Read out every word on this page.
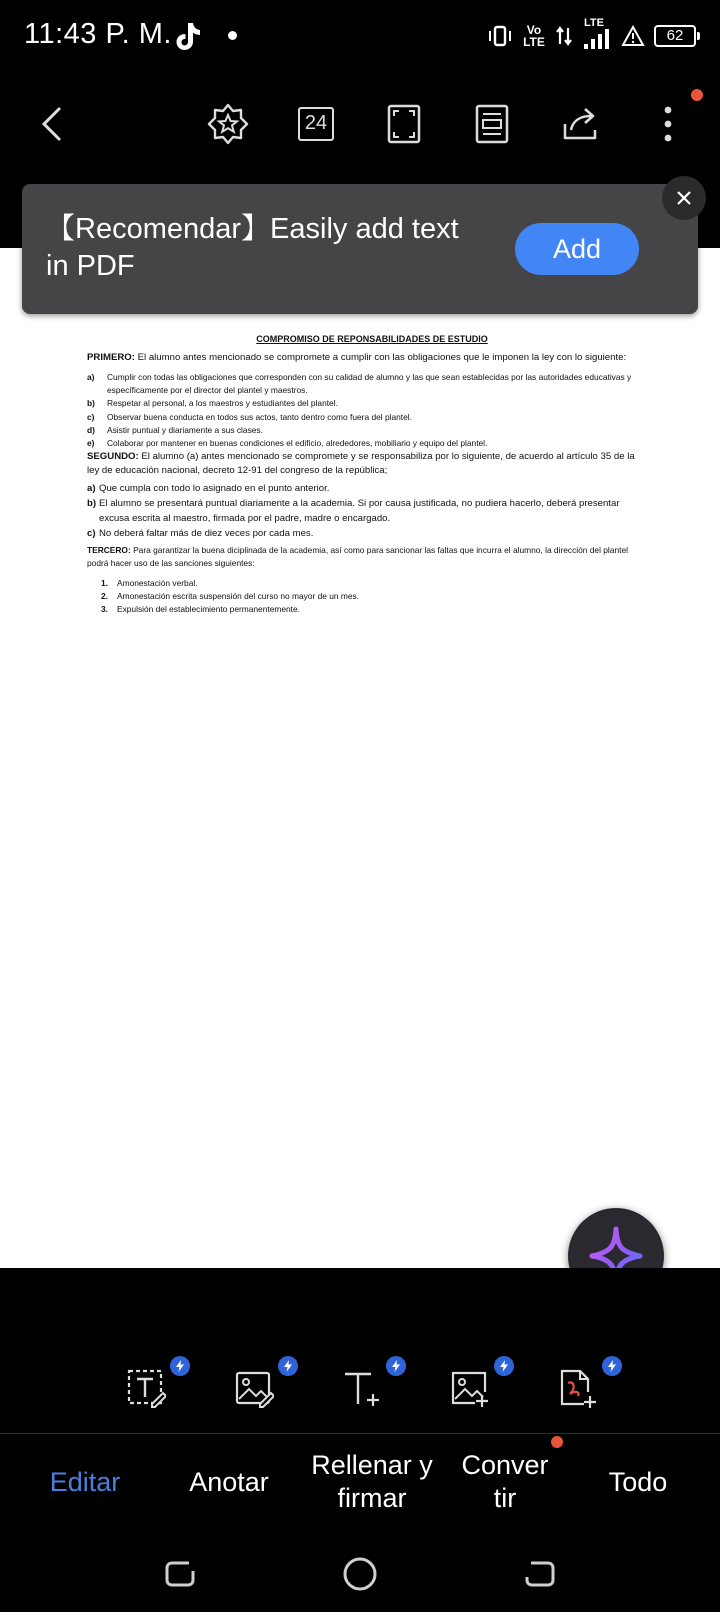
11:43 P. M.	Vo LTE
LTE
62
24
COMPROMISO DE REPONSABILIDADES DE ESTUDIO
PRIMERO: El alumno antes mencionado se compromete a cumplir con las obligaciones que le imponen la ley con lo siguiente:
a)	Cumplir con todas las obligaciones que corresponden con su calidad de alumno y las que sean establecidas por las autoridades educativas y específicamente por el director del plantel y maestros.
b)	Respetar al personal, a los maestros y estudiantes del plantel.
c)	Observar buena conducta en todos sus actos, tanto dentro como fuera del plantel.
d)	Asistir puntual y diariamente a sus clases.
e)	Colaborar por mantener en buenas condiciones el edificio, alrededores, mobiliario y equipo del plantel.
SEGUNDO: El alumno (a) antes mencionado se compromete y se responsabiliza por lo siguiente, de acuerdo al artículo 35 de la ley de educación nacional, decreto 12-91 del congreso de la república;
a) Que cumpla con todo lo asignado en el punto anterior.
b) El alumno se presentará puntual diariamente a la academia. Si por causa justificada, no pudiera hacerlo, deberá presentar excusa escrita al maestro, firmada por el padre, madre o encargado.
c) No deberá faltar más de diez veces por cada mes.
TERCERO: Para garantizar la buena diciplinada de la academia, así como para sancionar las faltas que incurra el alumno, la dirección del plantel podrá hacer uso de las sanciones siguientes:
1.	Amonestación verbal.
2.	Amonestación escrita suspensión del curso no mayor de un mes.
3.	Expulsión del establecimiento permanentemente.
【Recomendar】Easily add text in PDF
Add
Editar	Anotar
Rellenar y
firmar
Conver
tir
Todo
